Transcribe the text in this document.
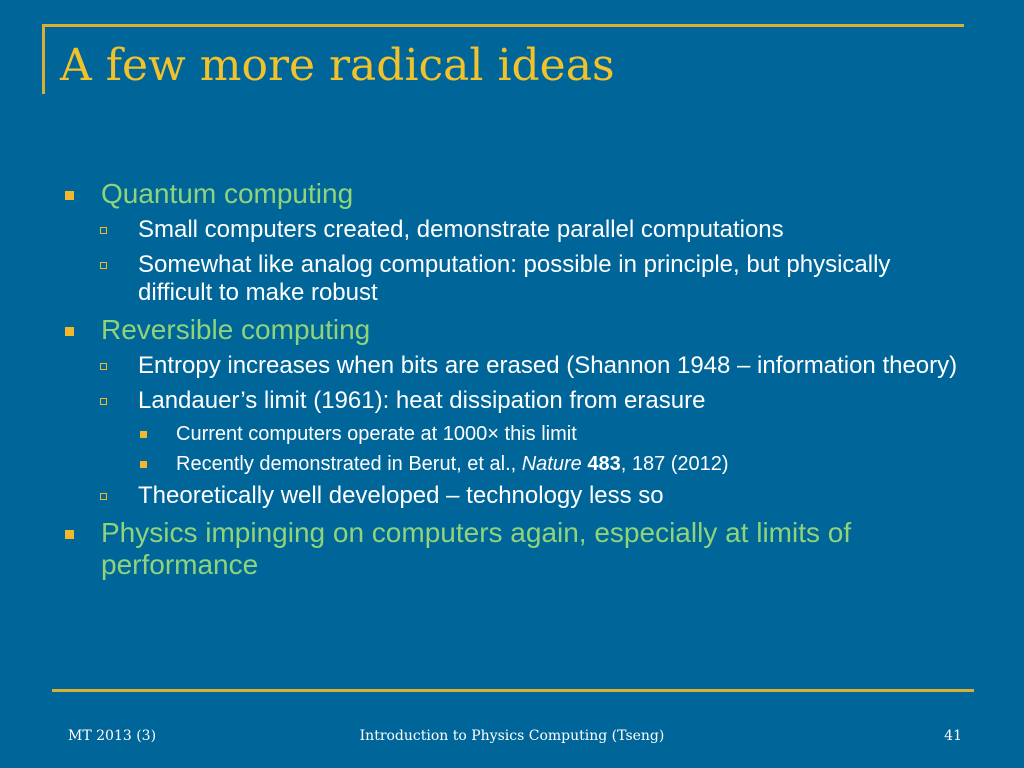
A few more radical ideas
Quantum computing
Small computers created, demonstrate parallel computations
Somewhat like analog computation: possible in principle, but physically difficult to make robust
Reversible computing
Entropy increases when bits are erased (Shannon 1948 – information theory)
Landauer’s limit (1961): heat dissipation from erasure
Current computers operate at 1000× this limit
Recently demonstrated in Berut, et al., Nature 483, 187 (2012)
Theoretically well developed – technology less so
Physics impinging on computers again, especially at limits of performance
MT 2013 (3)	Introduction to Physics Computing (Tseng)	41
